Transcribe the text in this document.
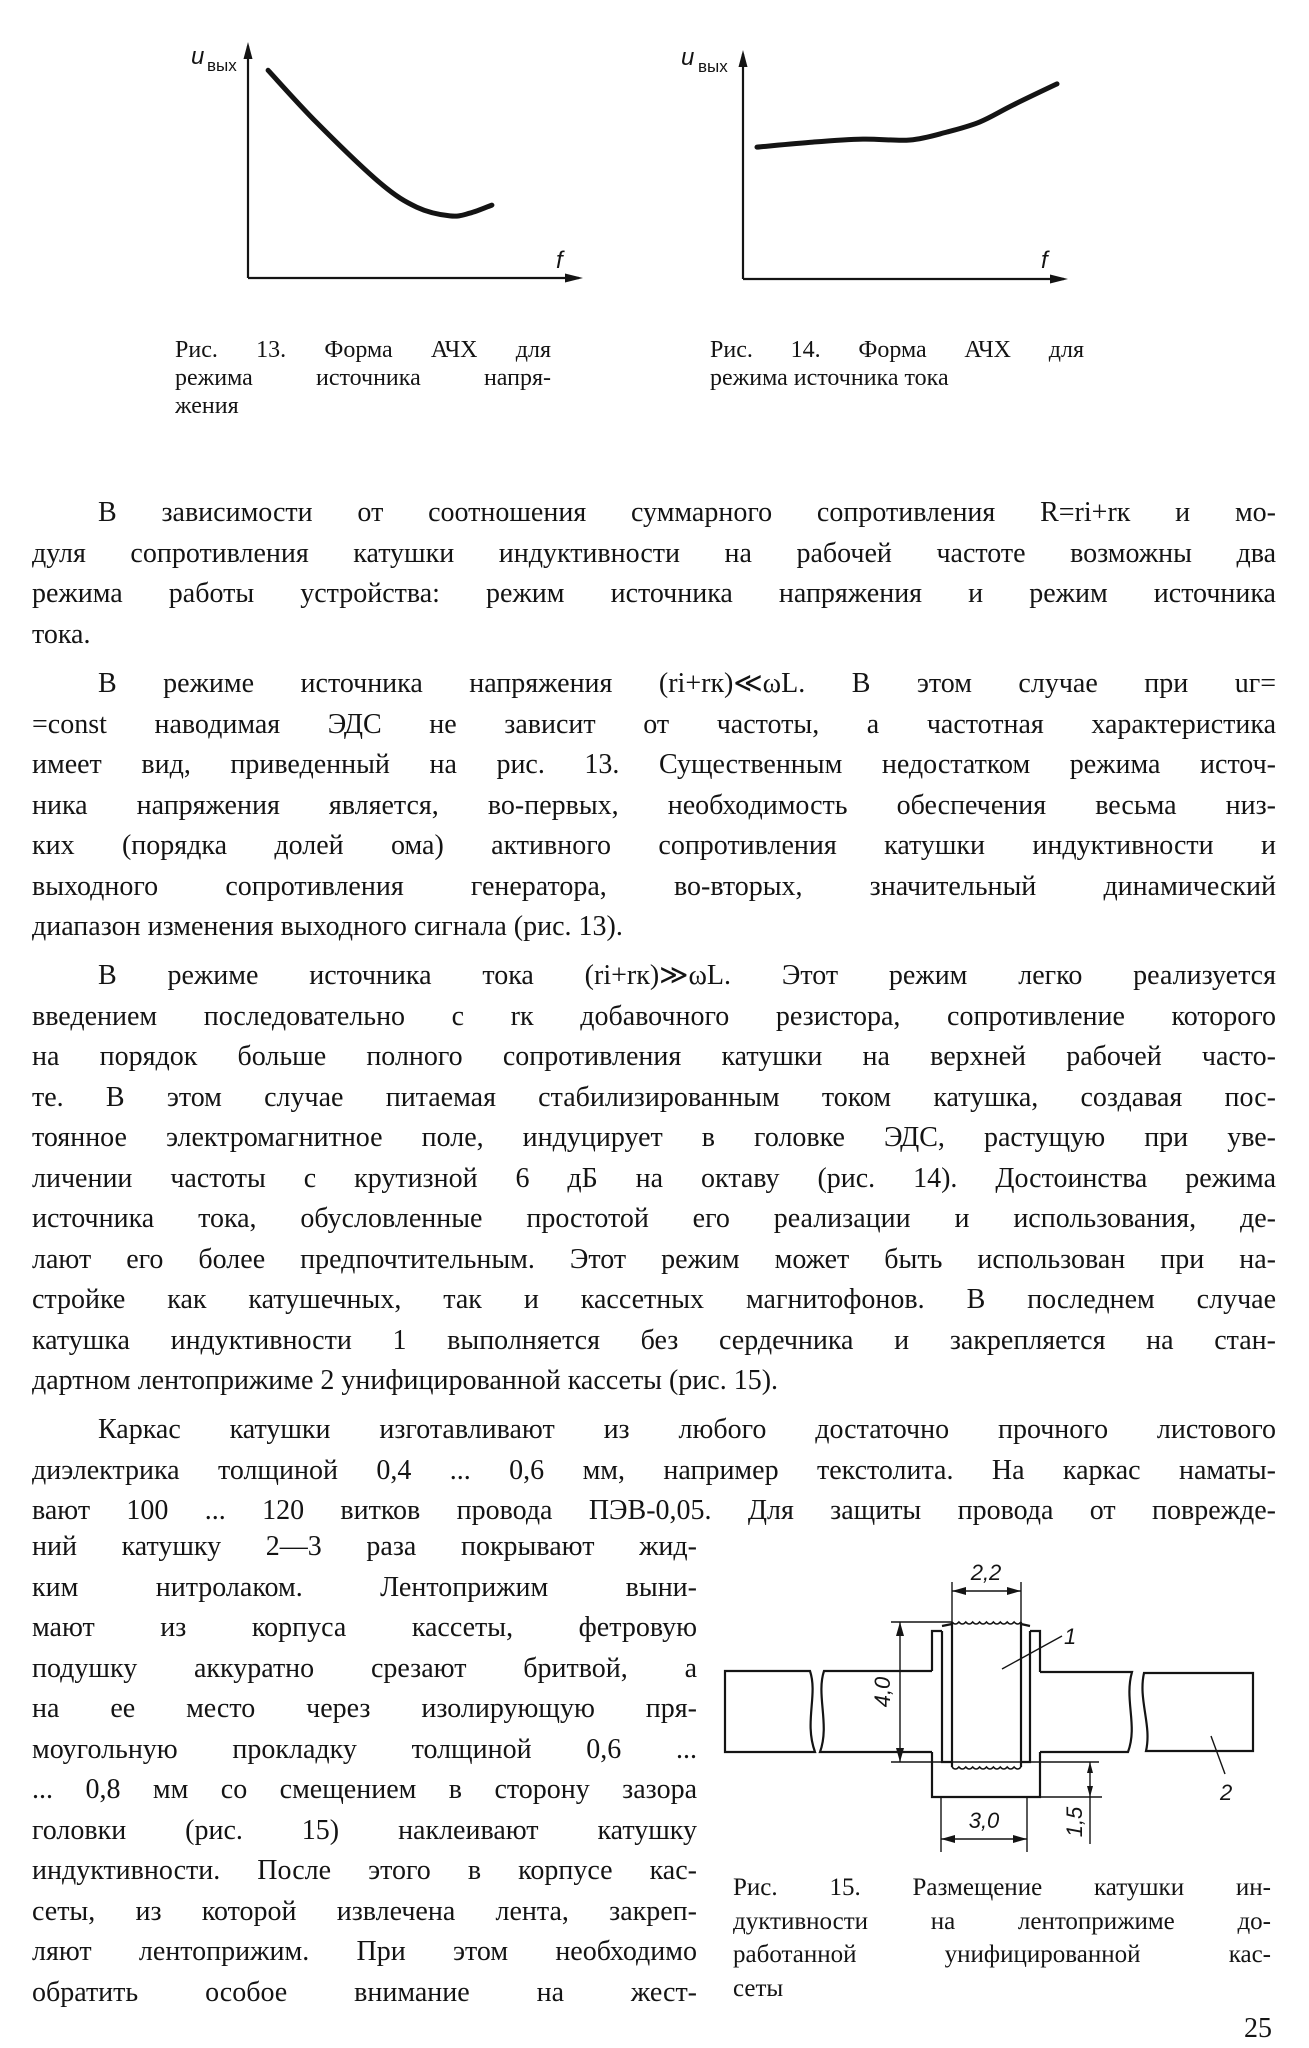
u вых
f
u вых
f
Рис. 13. Форма АЧХ для
режима источника напря-
жения
Рис. 14. Форма АЧХ для
режима источника тока
В зависимости от соотношения суммарного сопротивления R=ri+rк и мо-
дуля сопротивления катушки индуктивности на рабочей частоте возможны два
режима работы устройства: режим источника напряжения и режим источника
тока.
В режиме источника напряжения (ri+rк)≪ωL. В этом случае при uг=
=const наводимая ЭДС не зависит от частоты, а частотная характеристика
имеет вид, приведенный на рис. 13. Существенным недостатком режима источ-
ника напряжения является, во-первых, необходимость обеспечения весьма низ-
ких (порядка долей ома) активного сопротивления катушки индуктивности и
выходного сопротивления генератора, во-вторых, значительный динамический
диапазон изменения выходного сигнала (рис. 13).
В режиме источника тока (ri+rк)≫ωL. Этот режим легко реализуется
введением последовательно с rк добавочного резистора, сопротивление которого
на порядок больше полного сопротивления катушки на верхней рабочей часто-
те. В этом случае питаемая стабилизированным током катушка, создавая пос-
тоянное электромагнитное поле, индуцирует в головке ЭДС, растущую при уве-
личении частоты с крутизной 6 дБ на октаву (рис. 14). Достоинства режима
источника тока, обусловленные простотой его реализации и использования, де-
лают его более предпочтительным. Этот режим может быть использован при на-
стройке как катушечных, так и кассетных магнитофонов. В последнем случае
катушка индуктивности 1 выполняется без сердечника и закрепляется на стан-
дартном лентоприжиме 2 унифицированной кассеты (рис. 15).
Каркас катушки изготавливают из любого достаточно прочного листового
диэлектрика толщиной 0,4 ... 0,6 мм, например текстолита. На каркас наматы-
вают 100 ... 120 витков провода ПЭВ-0,05. Для защиты провода от поврежде-
ний катушку 2—3 раза покрывают жид-
ким нитролаком. Лентоприжим выни-
мают из корпуса кассеты, фетровую
подушку аккуратно срезают бритвой, а
на ее место через изолирующую пря-
моугольную прокладку толщиной 0,6 ...
... 0,8 мм со смещением в сторону зазора
головки (рис. 15) наклеивают катушку
индуктивности. После этого в корпусе кас-
сеты, из которой извлечена лента, закреп-
ляют лентоприжим. При этом необходимо
обратить особое внимание на жест-
2,2
4,0
3,0	1,5
1
2
Рис. 15. Размещение катушки ин-
дуктивности на лентоприжиме до-
работанной унифицированной кас-
сеты
25
